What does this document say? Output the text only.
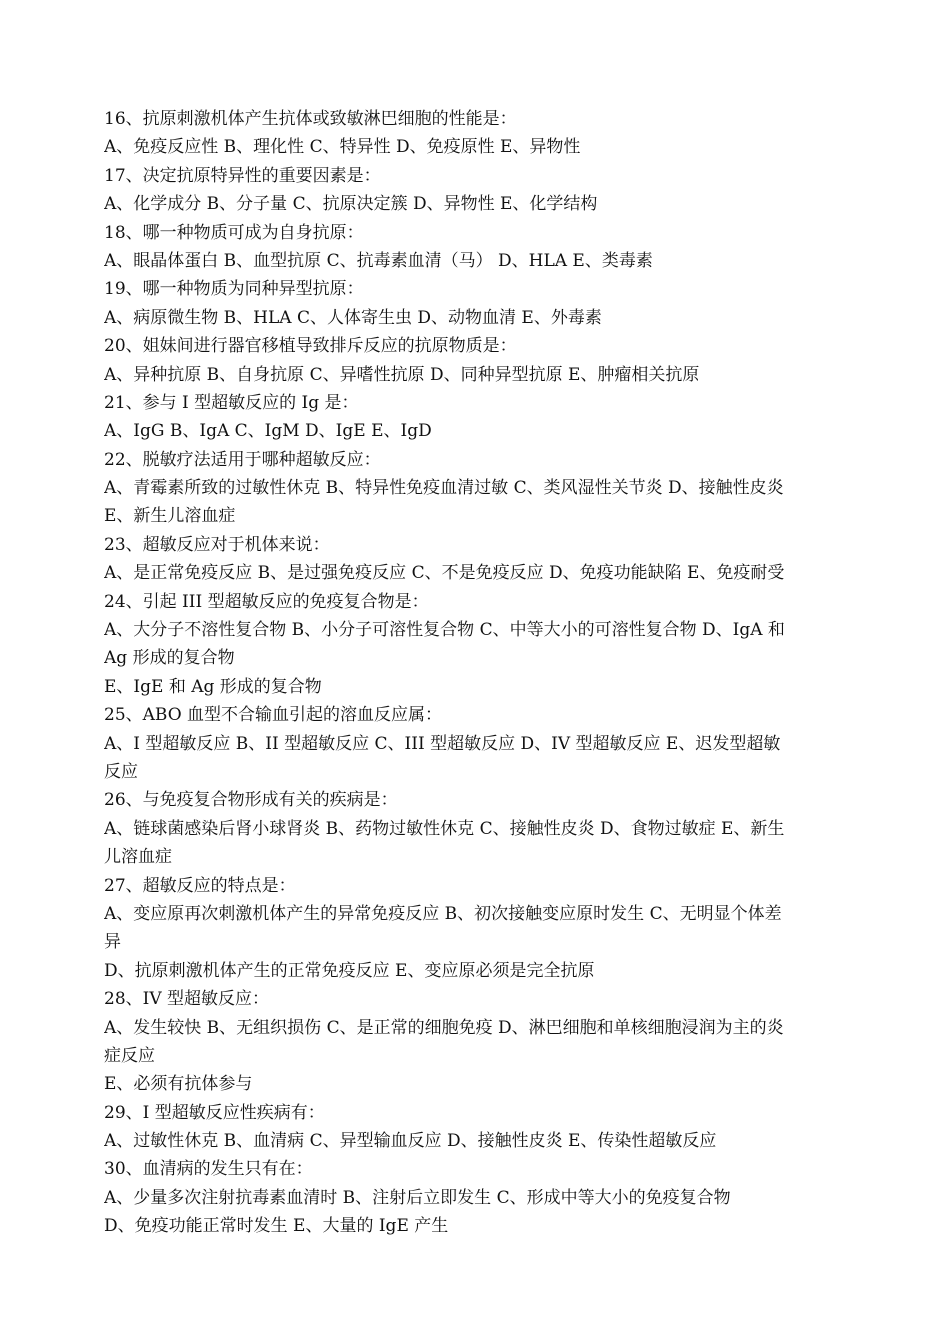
16、抗原刺激机体产生抗体或致敏淋巴细胞的性能是：
A、免疫反应性 B、理化性 C、特异性 D、免疫原性 E、异物性
17、决定抗原特异性的重要因素是：
A、化学成分 B、分子量 C、抗原决定簇 D、异物性 E、化学结构
18、哪一种物质可成为自身抗原：
A、眼晶体蛋白 B、血型抗原 C、抗毒素血清（马） D、HLA E、类毒素
19、哪一种物质为同种异型抗原：
A、病原微生物 B、HLA C、人体寄生虫 D、动物血清 E、外毒素
20、姐妹间进行器官移植导致排斥反应的抗原物质是：
A、异种抗原 B、自身抗原 C、异嗜性抗原 D、同种异型抗原 E、肿瘤相关抗原
21、参与 I 型超敏反应的 Ig 是：
A、IgG B、IgA C、IgM D、IgE E、IgD
22、脱敏疗法适用于哪种超敏反应：
A、青霉素所致的过敏性休克 B、特异性免疫血清过敏 C、类风湿性关节炎 D、接触性皮炎
E、新生儿溶血症
23、超敏反应对于机体来说：
A、是正常免疫反应 B、是过强免疫反应 C、不是免疫反应 D、免疫功能缺陷 E、免疫耐受
24、引起 III 型超敏反应的免疫复合物是：
A、大分子不溶性复合物 B、小分子可溶性复合物 C、中等大小的可溶性复合物 D、IgA 和
Ag 形成的复合物
E、IgE 和 Ag 形成的复合物
25、ABO 血型不合输血引起的溶血反应属：
A、I 型超敏反应 B、II 型超敏反应 C、III 型超敏反应 D、IV 型超敏反应 E、迟发型超敏
反应
26、与免疫复合物形成有关的疾病是：
A、链球菌感染后肾小球肾炎 B、药物过敏性休克 C、接触性皮炎 D、食物过敏症 E、新生
儿溶血症
27、超敏反应的特点是：
A、变应原再次刺激机体产生的异常免疫反应 B、初次接触变应原时发生 C、无明显个体差
异
D、抗原刺激机体产生的正常免疫反应 E、变应原必须是完全抗原
28、IV 型超敏反应：
A、发生较快 B、无组织损伤 C、是正常的细胞免疫 D、淋巴细胞和单核细胞浸润为主的炎
症反应
E、必须有抗体参与
29、I 型超敏反应性疾病有：
A、过敏性休克 B、血清病 C、异型输血反应 D、接触性皮炎 E、传染性超敏反应
30、血清病的发生只有在：
A、少量多次注射抗毒素血清时 B、注射后立即发生 C、形成中等大小的免疫复合物
D、免疫功能正常时发生 E、大量的 IgE 产生
